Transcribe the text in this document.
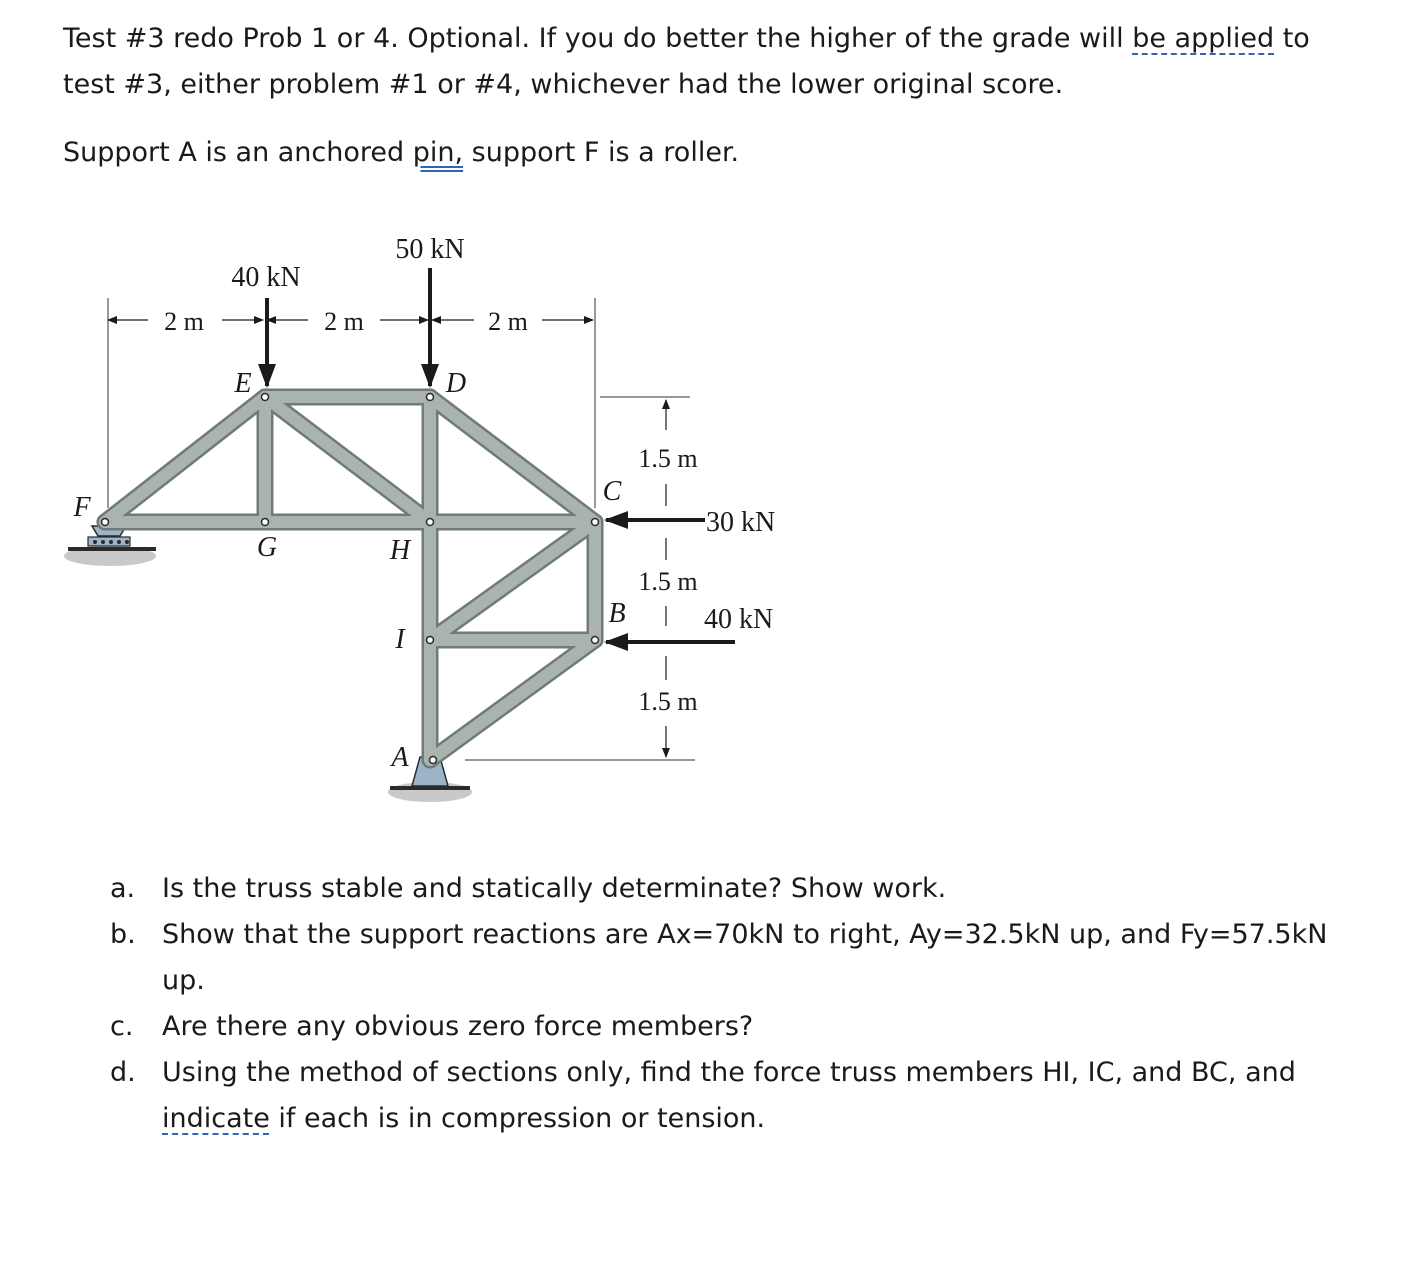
Test #3 redo Prob 1 or 4. Optional. If you do better the higher of the grade will be applied to test #3, either problem #1 or #4, whichever had the lower original score.

Support A is an anchored pin, support F is a roller.

2 m	2 m	2 m
1.5 m
1.5 m
1.5 m
40 kN
50 kN
30 kN
40 kN
E	D
C
F
G	H
B
I
A
a. Is the truss stable and statically determinate? Show work.
b. Show that the support reactions are Ax=70kN to right, Ay=32.5kN up, and Fy=57.5kN up.
c. Are there any obvious zero force members?
d. Using the method of sections only, find the force truss members HI, IC, and BC, and indicate if each is in compression or tension.
